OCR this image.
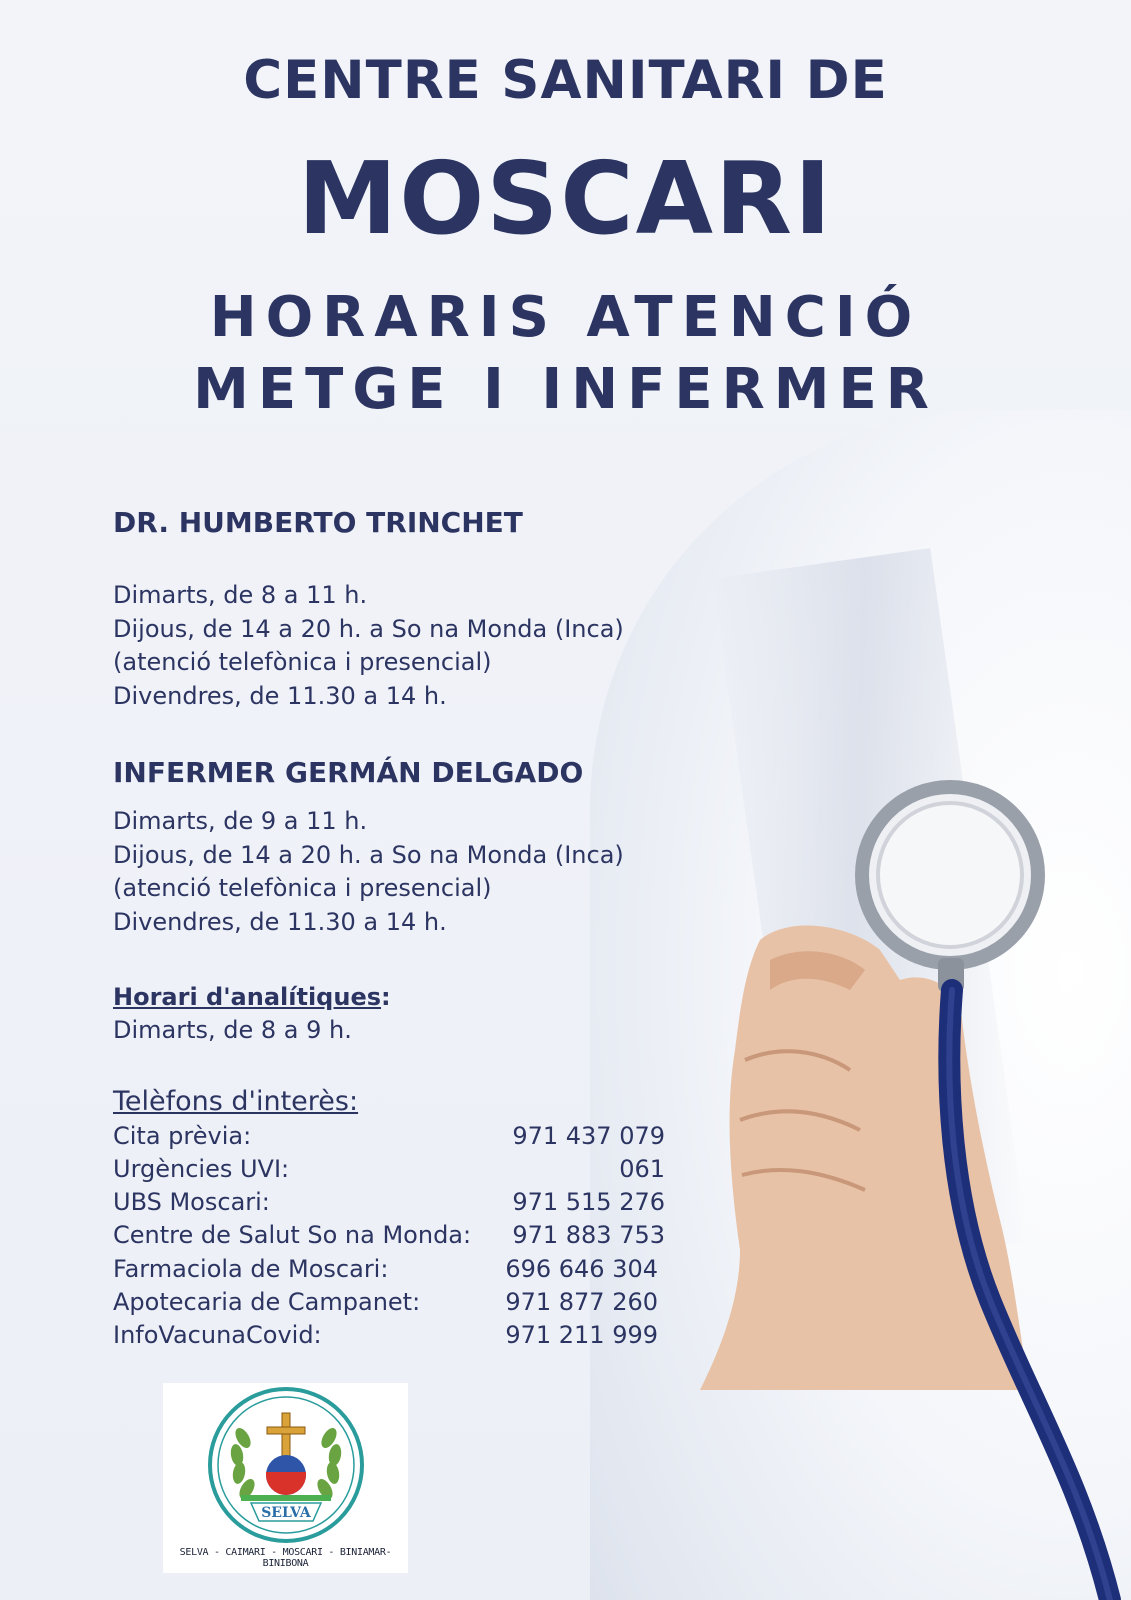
CENTRE SANITARI DE
MOSCARI
HORARIS ATENCIÓ
METGE I INFERMER
DR. HUMBERTO TRINCHET
Dimarts, de 8 a 11 h.
Dijous, de 14 a 20 h. a So na Monda (Inca)
(atenció telefònica i presencial)
Divendres, de 11.30 a 14 h.
INFERMER GERMÁN DELGADO
Dimarts, de 9 a 11 h.
Dijous, de 14 a 20 h. a So na Monda (Inca)
(atenció telefònica i presencial)
Divendres, de 11.30 a 14 h.
Horari d'analítiques:
Dimarts, de 8 a 9 h.
Telèfons d'interès:
Cita prèvia:	971 437 079
Urgències UVI:	061
UBS Moscari:	971 515 276
Centre de Salut So na Monda: 971 883 753
Farmaciola de Moscari:	696 646 304
Apotecaria de Campanet:	971 877 260
InfoVacunaCovid:	971 211 999
SELVA
SELVA - CAIMARI - MOSCARI - BINIAMAR- BINIBONA
